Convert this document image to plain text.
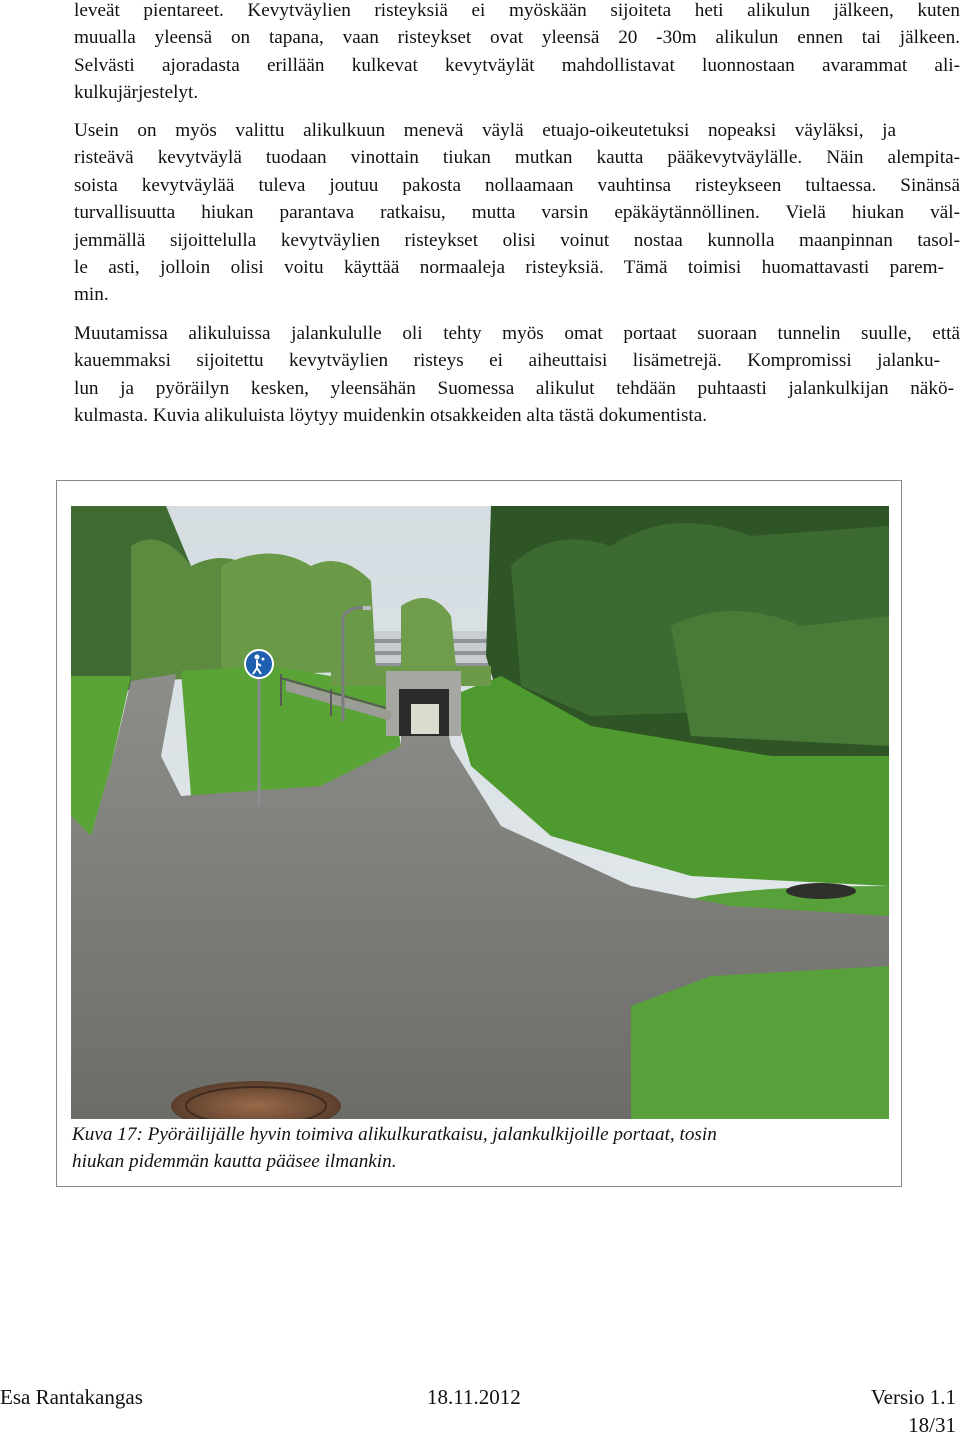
leveät pientareet. Kevytväylien risteyksiä ei myöskään sijoiteta heti alikulun jälkeen, kuten
muualla yleensä on tapana, vaan risteykset ovat yleensä 20 -30m alikulun ennen tai jälkeen.
Selvästi ajoradasta erillään kulkevat kevytväylät mahdollistavat luonnostaan avarammat ali-
kulkujärjestelyt.
Usein on myös valittu alikulkuun menevä väylä etuajo-oikeutetuksi nopeaksi väyläksi, ja
risteävä kevytväylä tuodaan vinottain tiukan mutkan kautta pääkevytväylälle. Näin alempita-
soista kevytväylää tuleva joutuu pakosta nollaamaan vauhtinsa risteykseen tultaessa. Sinänsä
turvallisuutta hiukan parantava ratkaisu, mutta varsin epäkäytännöllinen. Vielä hiukan väl-
jemmällä sijoittelulla kevytväylien risteykset olisi voinut nostaa kunnolla maanpinnan tasol-
le asti, jolloin olisi voitu käyttää normaaleja risteyksiä. Tämä toimisi huomattavasti parem-
min.
Muutamissa alikuluissa jalankululle oli tehty myös omat portaat suoraan tunnelin suulle, että
kauemmaksi sijoitettu kevytväylien risteys ei aiheuttaisi lisämetrejä. Kompromissi jalanku-
lun ja pyöräilyn kesken, yleensähän Suomessa alikulut tehdään puhtaasti jalankulkijan näkö-
kulmasta. Kuvia alikuluista löytyy muidenkin otsakkeiden alta tästä dokumentista.
Kuva 17: Pyöräilijälle hyvin toimiva alikulkuratkaisu, jalankulkijoille portaat, tosin
hiukan pidemmän kautta pääsee ilmankin.
Esa Rantakangas	18.11.2012	Versio 1.1
18/31
